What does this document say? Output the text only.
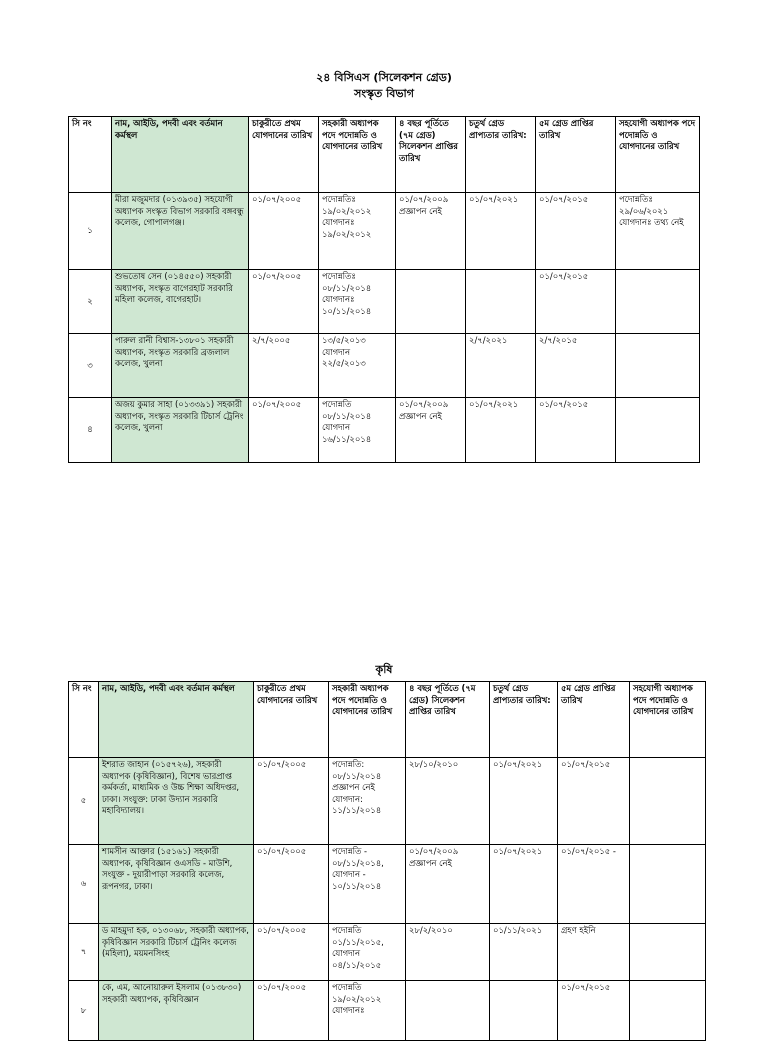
২৪ বিসিএস (সিলেকশন গ্রেড)
সংস্কৃত বিভাগ
সি নং	নাম, আইডি, পদবী এবং বর্তমান কর্মস্থল	চাকুরীতে প্রথম যোগদানের তারিখ	সহকারী অধ্যাপক পদে পদোন্নতি ও যোগদানের তারিখ	৪ বছর পূর্তিতে (৭ম গ্রেড) সিলেকশন প্রাপ্তির তারিখ	চতুর্থ গ্রেড প্রাপ্যতার তারিখ:	৫ম গ্রেড প্রাপ্তির তারিখ	সহযোগী অধ্যাপক পদে পদোন্নতি ও যোগদানের তারিখ
১	মীরা মজুমদার (০১৩৯৩৫) সহযোগী অধ্যাপক সংস্কৃত বিভাগ সরকারি বঙ্গবন্ধু কলেজ, গোপালগঞ্জ।	০১/০৭/২০০৫	পদোন্নতিঃ ১৯/০২/২০১২ যোগদানঃ ১৯/০২/২০১২	০১/০৭/২০০৯ প্রজ্ঞাপন নেই	০১/০৭/২০২১	০১/০৭/২০১৫	পদোন্নতিঃ ২৯/০৬/২০২১ যোগদানঃ তথ্য নেই
২	শুভতোষ সেন (০১৪৫৫০) সহকারী অধ্যাপক, সংস্কৃত বাগেরহাট সরকারি মহিলা কলেজ, বাগেরহাট।	০১/০৭/২০০৫	পদোন্নতিঃ ০৮/১১/২০১৪ যোগদানঃ ১০/১১/২০১৪			০১/০৭/২০১৫	
৩	পারুল রানী বিশ্বাস-১৩৮০১ সহকারী অধ্যাপক, সংস্কৃত সরকারি ব্রজলাল কলেজ, খুলনা	২/৭/২০০৫	১৩/৫/২০১৩ যোগদান ২২/৫/২০১৩		২/৭/২০২১	২/৭/২০১৫	
৪	অজয় কুমার সাহা (০১৩৩৯১) সহকারী অধ্যাপক, সংস্কৃত সরকারি টিচার্স ট্রেনিং কলেজ, খুলনা	০১/০৭/২০০৫	পদোন্নতি ০৮/১১/২০১৪ যোগদান ১৬/১১/২০১৪	০১/০৭/২০০৯ প্রজ্ঞাপন নেই	০১/০৭/২০২১	০১/০৭/২০১৫	
কৃষি
সি নং	নাম, আইডি, পদবী এবং বর্তমান কর্মস্থল	চাকুরীতে প্রথম যোগদানের তারিখ	সহকারী অধ্যাপক পদে পদোন্নতি ও যোগদানের তারিখ	৪ বছর পূর্তিতে (৭ম গ্রেড) সিলেকশন প্রাপ্তির তারিখ	চতুর্থ গ্রেড প্রাপ্যতার তারিখ:	৫ম গ্রেড প্রাপ্তির তারিখ	সহযোগী অধ্যাপক পদে পদোন্নতি ও যোগদানের তারিখ
৫	ইশরাত জাহান (০১৫৭২৬), সহকারী অধ্যাপক (কৃষিবিজ্ঞান), বিশেষ ভারপ্রাপ্ত কর্মকর্তা, মাধ্যমিক ও উচ্চ শিক্ষা অধিদপ্তর, ঢাকা। সংযুক্ত: ঢাকা উদ্যান সরকারি মহাবিদ্যালয়।	০১/০৭/২০০৫	পদোন্নতি: ০৮/১১/২০১৪ প্রজ্ঞাপন নেই যোগদান: ১১/১১/২০১৪	২৮/১০/২০১০	০১/০৭/২০২১	০১/০৭/২০১৫	
৬	শামসীন আক্তার (১৫১৬১) সহকারী অধ্যাপক, কৃষিবিজ্ঞান ওএসডি - মাউশি, সংযুক্ত - দুয়ারীপাড়া সরকারি কলেজ, রূপনগর, ঢাকা।	০১/০৭/২০০৫	পদোন্নতি - ০৮/১১/২০১৪, যোগদান - ১০/১১/২০১৪	০১/০৭/২০০৯ প্রজ্ঞাপন নেই	০১/০৭/২০২১	০১/০৭/২০১৫ -	
৭	ড মাহমুদা হক, ০১৩০৬৮, সহকারী অধ্যাপক, কৃষিবিজ্ঞান সরকারি টিচার্স ট্রেনিং কলেজ (মহিলা), ময়মনসিংহ	০১/০৭/২০০৫	পদোন্নতি ০১/১১/২০১৫, যোগদান ০৪/১১/২০১৫	২৮/২/২০১০	০১/১১/২০২১	গ্রহণ হইনি	
৮	কে, এম, আনোয়ারুল ইসলাম (০১৩৮৩০) সহকারী অধ্যাপক, কৃষিবিজ্ঞান	০১/০৭/২০০৫	পদোন্নতি ১৯/০২/২০১২ যোগদানঃ			০১/০৭/২০১৫	
